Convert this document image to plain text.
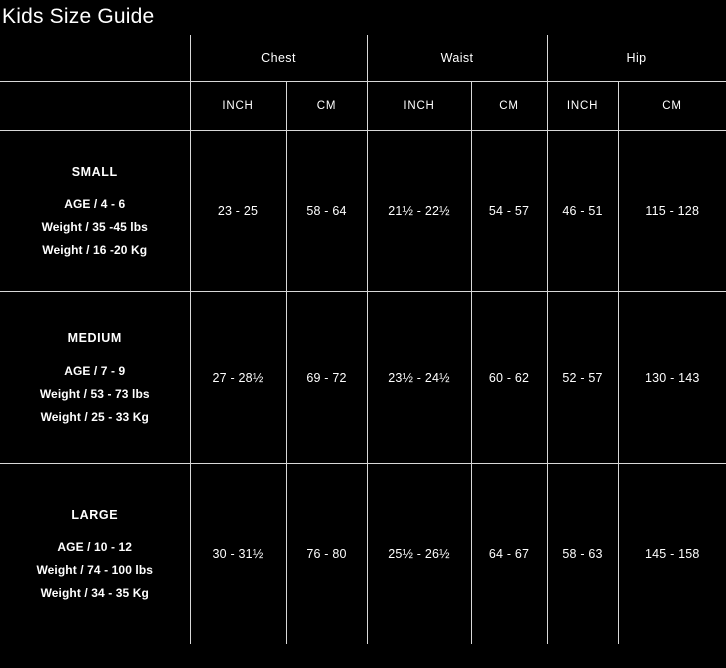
Kids Size Guide
	Chest		Waist		Hip	
	INCH	CM	INCH	CM	INCH	CM

SMALL
AGE / 4 - 6
Weight / 35 -45 lbs
Weight / 16 -20 Kg	23 - 25	58 - 64	21½ - 22½	54 - 57	46 - 51	115 - 128

MEDIUM
AGE / 7 - 9
Weight / 53 - 73 lbs
Weight / 25 - 33 Kg	27 - 28½	69 - 72	23½ - 24½	60 - 62	52 - 57	130 - 143

LARGE
AGE / 10 - 12
Weight / 74 - 100 lbs
Weight / 34 - 35 Kg	30 - 31½	76 - 80	25½ - 26½	64 - 67	58 - 63	145 - 158
